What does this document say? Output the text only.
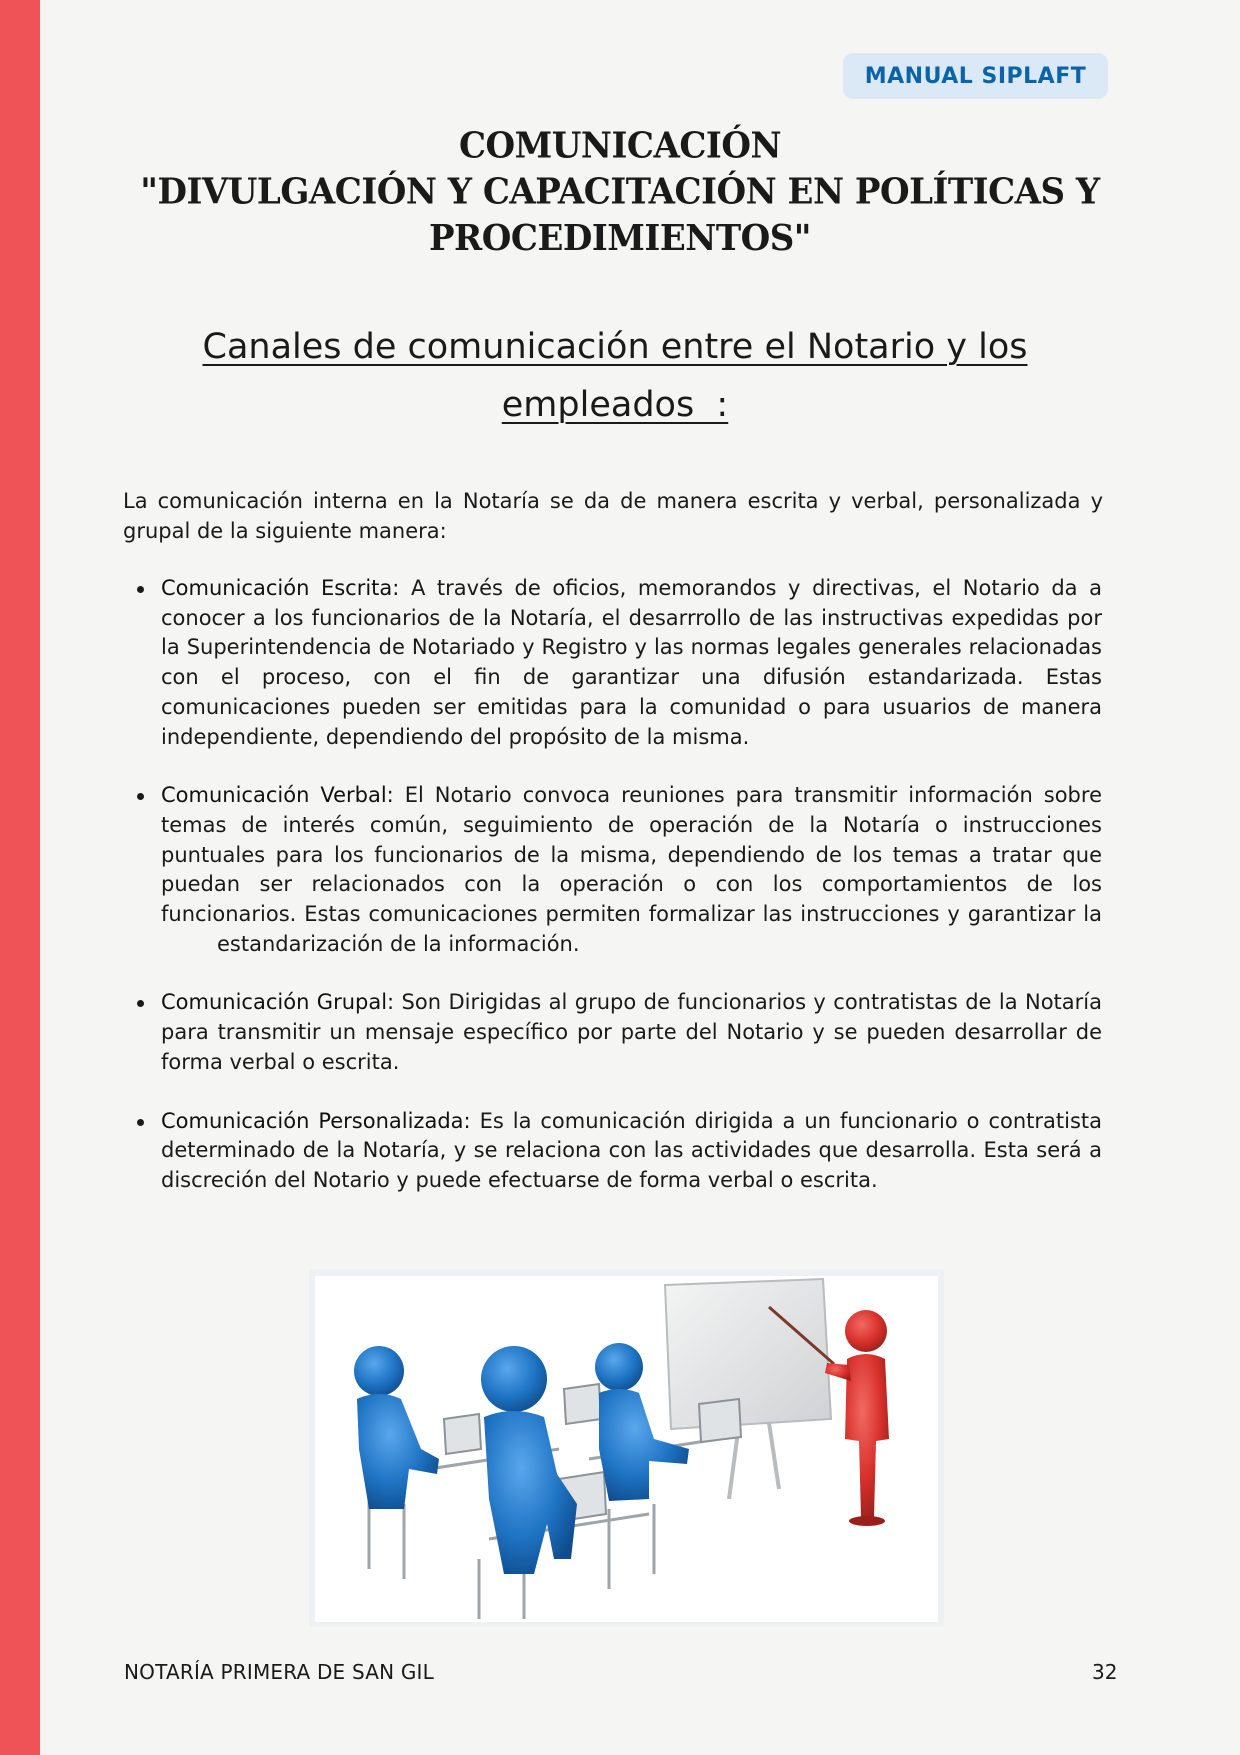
MANUAL SIPLAFT
COMUNICACIÓN
"DIVULGACIÓN Y CAPACITACIÓN EN POLÍTICAS Y
PROCEDIMIENTOS"
Canales de comunicación entre el Notario y los
empleados  :

La comunicación interna en la Notaría se da de manera escrita y verbal, personalizada y grupal de la siguiente manera:

Comunicación Escrita: A través de oficios, memorandos y directivas, el Notario da a conocer a los funcionarios de la Notaría, el desarrrollo de las instructivas expedidas por la Superintendencia de Notariado y Registro y las normas legales generales relacionadas con el proceso, con el fin de garantizar una difusión estandarizada. Estas comunicaciones pueden ser emitidas para la comunidad o para usuarios de manera independiente, dependiendo del propósito de la misma.
Comunicación Verbal: El Notario convoca reuniones para transmitir información sobre temas de interés común, seguimiento de operación de la Notaría o instrucciones puntuales para los funcionarios de la misma, dependiendo de los temas a tratar que puedan ser relacionados con la operación o con los comportamientos de los funcionarios. Estas comunicaciones permiten formalizar las instrucciones y garantizar laestandarización de la información.
Comunicación Grupal: Son Dirigidas al grupo de funcionarios y contratistas de la Notaría para transmitir un mensaje específico por parte del Notario y se pueden desarrollar de forma verbal o escrita.
Comunicación Personalizada: Es la comunicación dirigida a un funcionario o contratista determinado de la Notaría, y se relaciona con las actividades que desarrolla. Esta será a discreción del Notario y puede efectuarse de forma verbal o escrita.
NOTARÍA PRIMERA DE SAN GIL	32
